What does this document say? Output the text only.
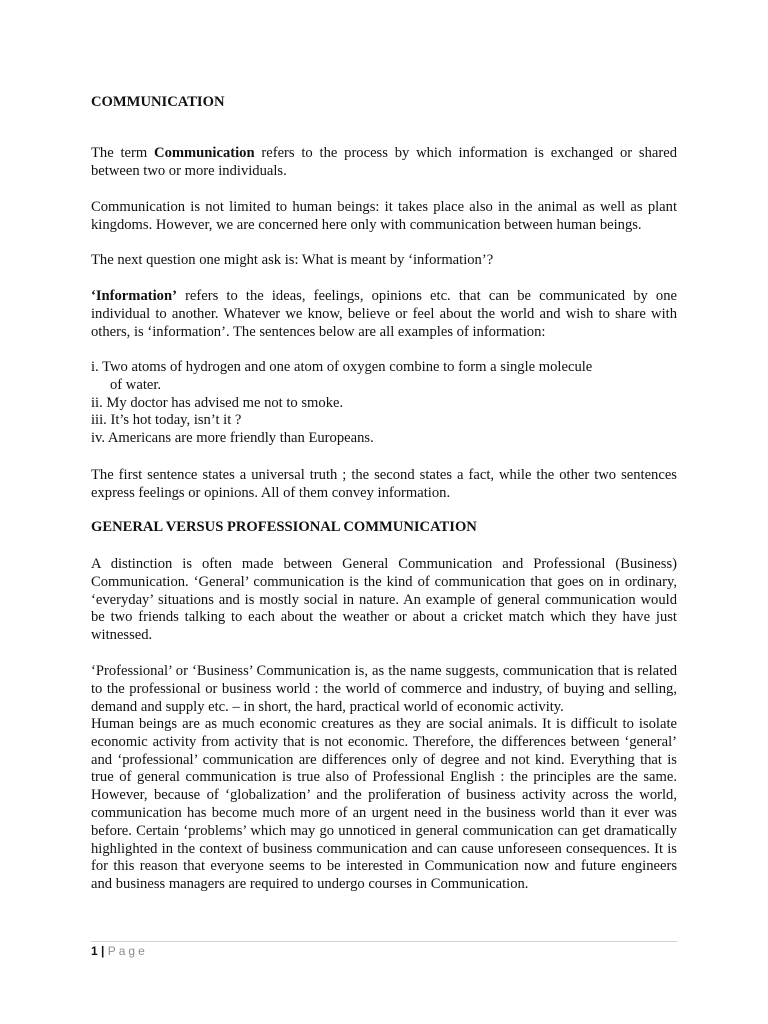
COMMUNICATION

The term Communication refers to the process by which information is exchanged or shared between two or more individuals.

Communication is not limited to human beings: it takes place also in the animal as well as plant kingdoms. However, we are concerned here only with communication between human beings.

The next question one might ask is: What is meant by ‘information’?

‘Information’ refers to the ideas, feelings, opinions etc. that can be communicated by one individual to another. Whatever we know, believe or feel about the world and wish to share with others, is ‘information’. The sentences below are all examples of information:

i. Two atoms of hydrogen and one atom of oxygen combine to form a single molecule
of water.
ii. My doctor has advised me not to smoke.
iii. It’s hot today, isn’t it ?
iv. Americans are more friendly than Europeans.

The first sentence states a universal truth ; the second states a fact, while the other two sentences express feelings or opinions. All of them convey information.

GENERAL VERSUS PROFESSIONAL COMMUNICATION

A distinction is often made between General Communication and Professional (Business) Communication. ‘General’ communication is the kind of communication that goes on in ordinary, ‘everyday’ situations and is mostly social in nature. An example of general communication would be two friends talking to each about the weather or about a cricket match which they have just witnessed.

‘Professional’ or ‘Business’ Communication is, as the name suggests, communication that is related to the professional or business world : the world of commerce and industry, of buying and selling, demand and supply etc. – in short, the hard, practical world of economic activity.

Human beings are as much economic creatures as they are social animals. It is difficult to isolate economic activity from activity that is not economic. Therefore, the differences between ‘general’ and ‘professional’ communication are differences only of degree and not kind. Everything that is true of general communication is true also of Professional English : the principles are the same. However, because of ‘globalization’ and the proliferation of business activity across the world, communication has become much more of an urgent need in the business world than it ever was before. Certain ‘problems’ which may go unnoticed in general communication can get dramatically highlighted in the context of business communication and can cause unforeseen consequences. It is for this reason that everyone seems to be interested in Communication now and future engineers and business managers are required to undergo courses in Communication.

1 | Page
